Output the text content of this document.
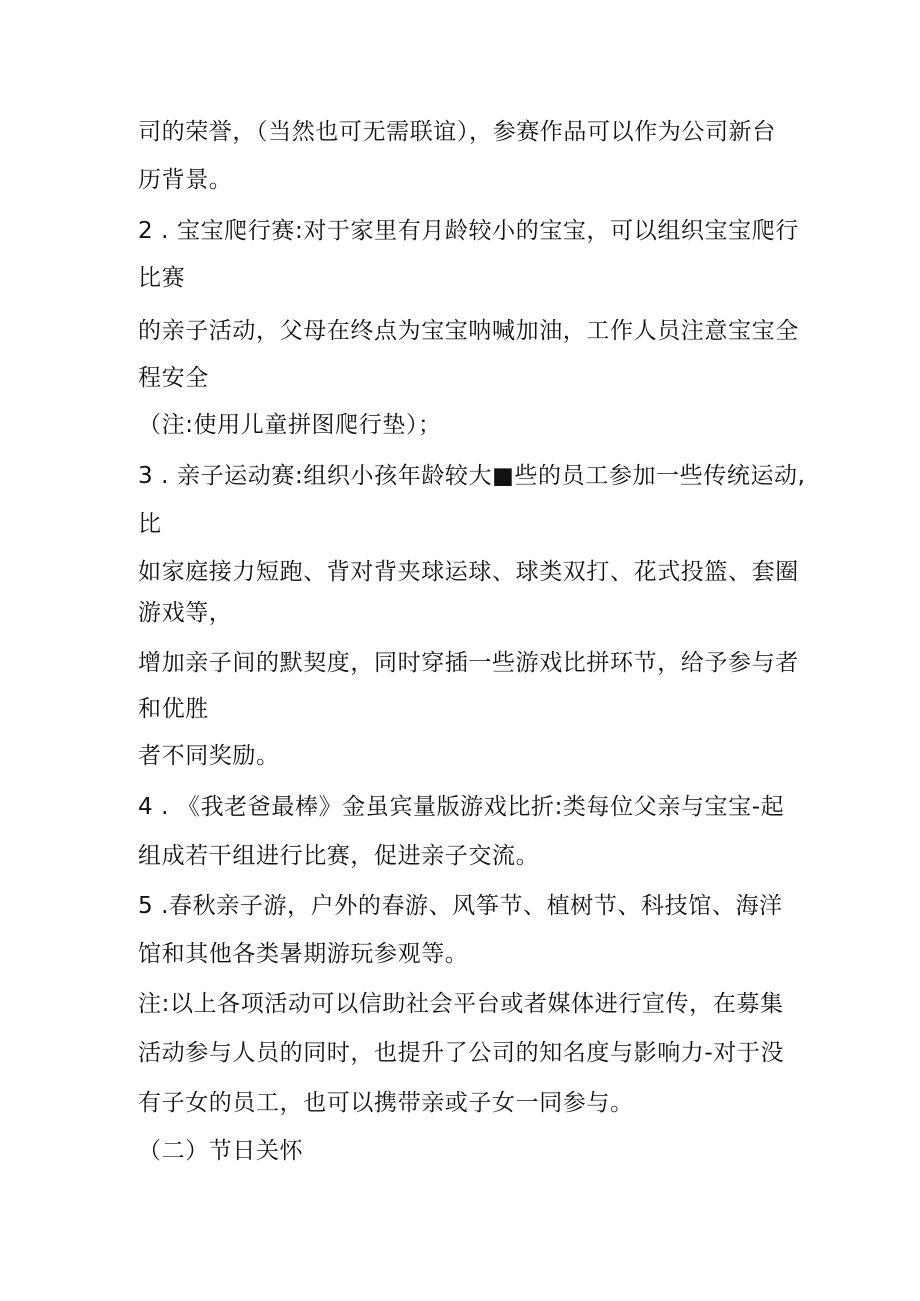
司的荣誉，（当然也可无需联谊），参赛作品可以作为公司新台
历背景。
2 . 宝宝爬行赛:对于家里有月龄较小的宝宝，可以组织宝宝爬行
比赛
的亲子活动，父母在终点为宝宝呐喊加油，工作人员注意宝宝全
程安全
（注:使用儿童拼图爬行垫）；
3 . 亲子运动赛:组织小孩年龄较大■些的员工参加一些传统运动,
比
如家庭接力短跑、背对背夹球运球、球类双打、花式投篮、套圈
游戏等，
增加亲子间的默契度，同时穿插一些游戏比拼环节，给予参与者
和优胜
者不同奖励。
4 . 《我老爸最棒》金虽宾量版游戏比折:类每位父亲与宝宝-起
组成若干组进行比赛，促进亲子交流。
5 .春秋亲子游，户外的春游、风筝节、植树节、科技馆、海洋
馆和其他各类暑期游玩参观等。
注:以上各项活动可以信助社会平台或者媒体进行宣传，在募集
活动参与人员的同时，也提升了公司的知名度与影响力-对于没
有子女的员工，也可以携带亲或子女一同参与。
（二）节日关怀
